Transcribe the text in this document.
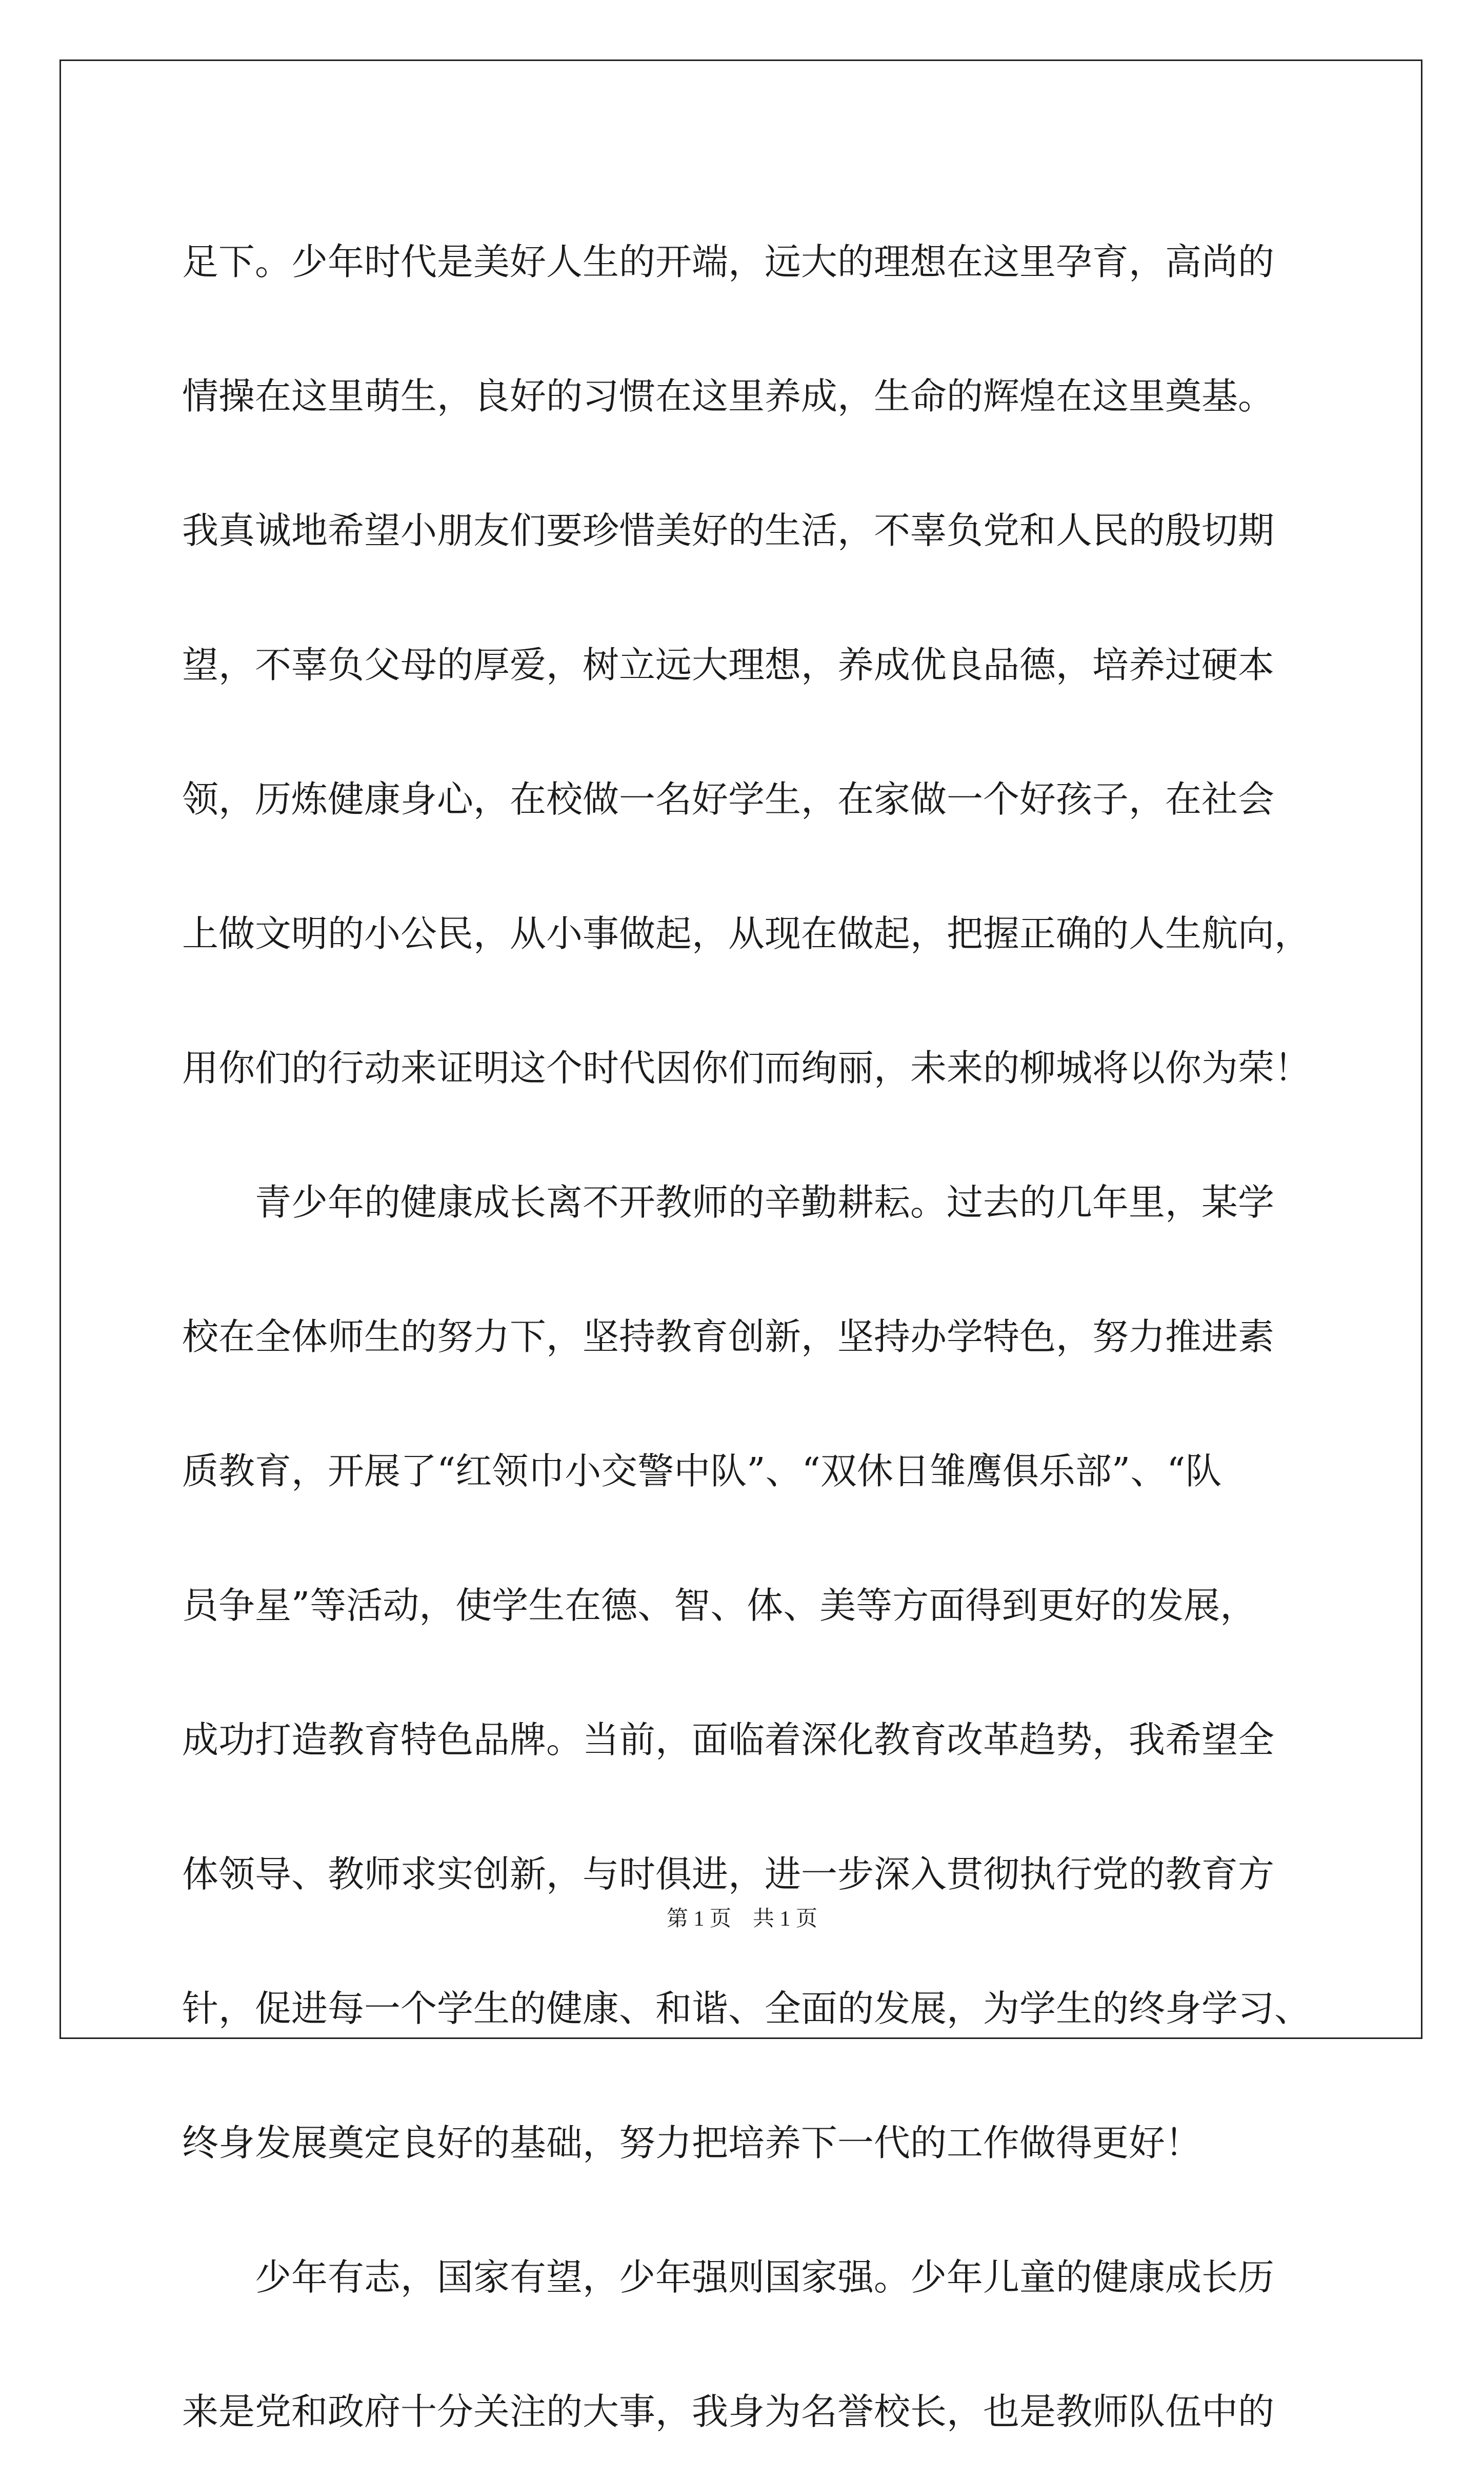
足下。少年时代是美好人生的开端，远大的理想在这里孕育，高尚的

情操在这里萌生，良好的习惯在这里养成，生命的辉煌在这里奠基。

我真诚地希望小朋友们要珍惜美好的生活，不辜负党和人民的殷切期

望，不辜负父母的厚爱，树立远大理想，养成优良品德，培养过硬本

领，历炼健康身心，在校做一名好学生，在家做一个好孩子，在社会

上做文明的小公民，从小事做起，从现在做起，把握正确的人生航向，

用你们的行动来证明这个时代因你们而绚丽，未来的柳城将以你为荣！

　　青少年的健康成长离不开教师的辛勤耕耘。过去的几年里，某学

校在全体师生的努力下，坚持教育创新，坚持办学特色，努力推进素

质教育，开展了“红领巾小交警中队”、“双休日雏鹰俱乐部”、“队

员争星”等活动，使学生在德、智、体、美等方面得到更好的发展，

成功打造教育特色品牌。当前，面临着深化教育改革趋势，我希望全

体领导、教师求实创新，与时俱进，进一步深入贯彻执行党的教育方

针，促进每一个学生的健康、和谐、全面的发展，为学生的终身学习、

终身发展奠定良好的基础，努力把培养下一代的工作做得更好！

　　少年有志，国家有望，少年强则国家强。少年儿童的健康成长历

来是党和政府十分关注的大事，我身为名誉校长，也是教师队伍中的

第 1 页　共 1 页
